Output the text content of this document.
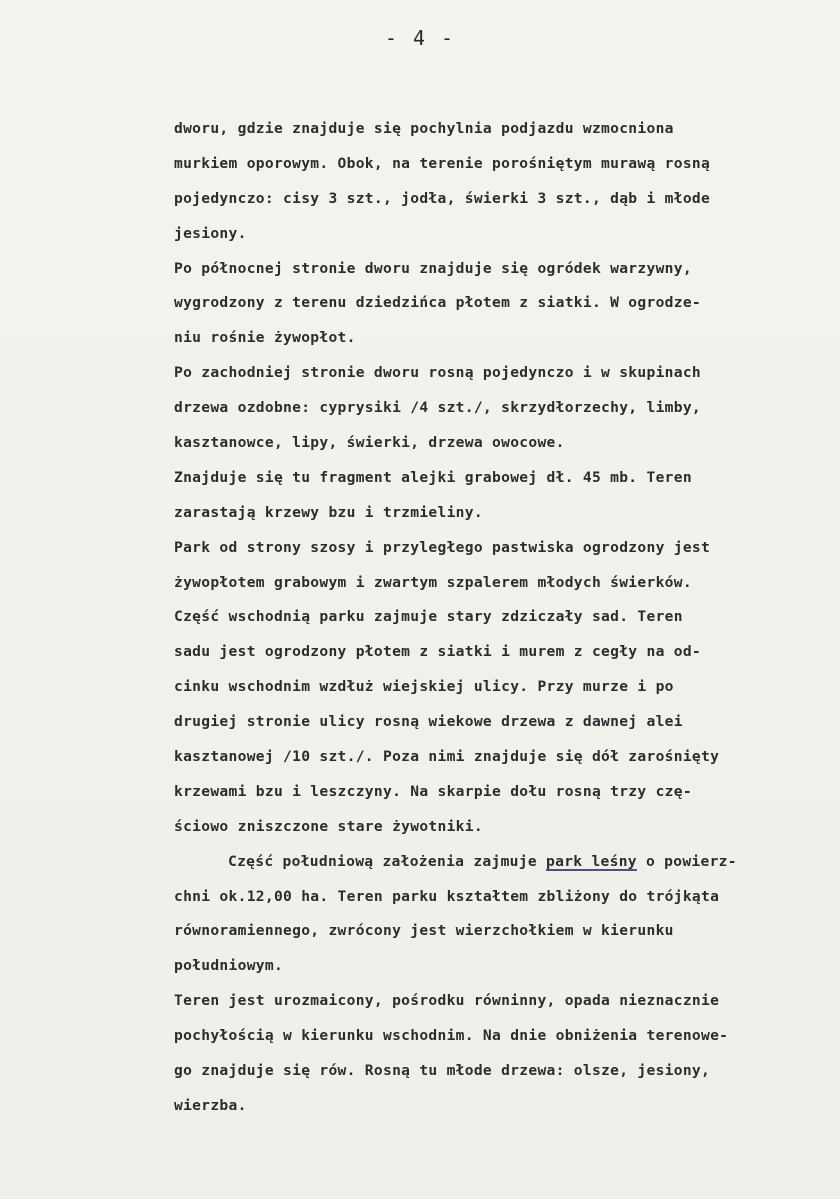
- 4 -
dworu, gdzie znajduje się pochylnia podjazdu wzmocniona
murkiem oporowym. Obok, na terenie porośniętym murawą rosną
pojedynczo: cisy 3 szt., jodła, świerki 3 szt., dąb i młode
jesiony.
Po północnej stronie dworu znajduje się ogródek warzywny,
wygrodzony z terenu dziedzińca płotem z siatki. W ogrodze-
niu rośnie żywopłot.
Po zachodniej stronie dworu rosną pojedynczo i w skupinach
drzewa ozdobne: cyprysiki /4 szt./, skrzydłorzechy, limby,
kasztanowce, lipy, świerki, drzewa owocowe.
Znajduje się tu fragment alejki grabowej dł. 45 mb. Teren
zarastają krzewy bzu i trzmieliny.
Park od strony szosy i przyległego pastwiska ogrodzony jest
żywopłotem grabowym i zwartym szpalerem młodych świerków.
Część wschodnią parku zajmuje stary zdziczały sad. Teren
sadu jest ogrodzony płotem z siatki i murem z cegły na od-
cinku wschodnim wzdłuż wiejskiej ulicy. Przy murze i po
drugiej stronie ulicy rosną wiekowe drzewa z dawnej alei
kasztanowej /10 szt./. Poza nimi znajduje się dół zarośnięty
krzewami bzu i leszczyny. Na skarpie dołu rosną trzy czę-
ściowo zniszczone stare żywotniki.
Część południową założenia zajmuje park leśny o powierz-
chni ok.12,00 ha. Teren parku kształtem zbliżony do trójkąta
równoramiennego, zwrócony jest wierzchołkiem w kierunku
południowym.
Teren jest urozmaicony, pośrodku równinny, opada nieznacznie
pochyłością w kierunku wschodnim. Na dnie obniżenia terenowe-
go znajduje się rów. Rosną tu młode drzewa: olsze, jesiony,
wierzba.
